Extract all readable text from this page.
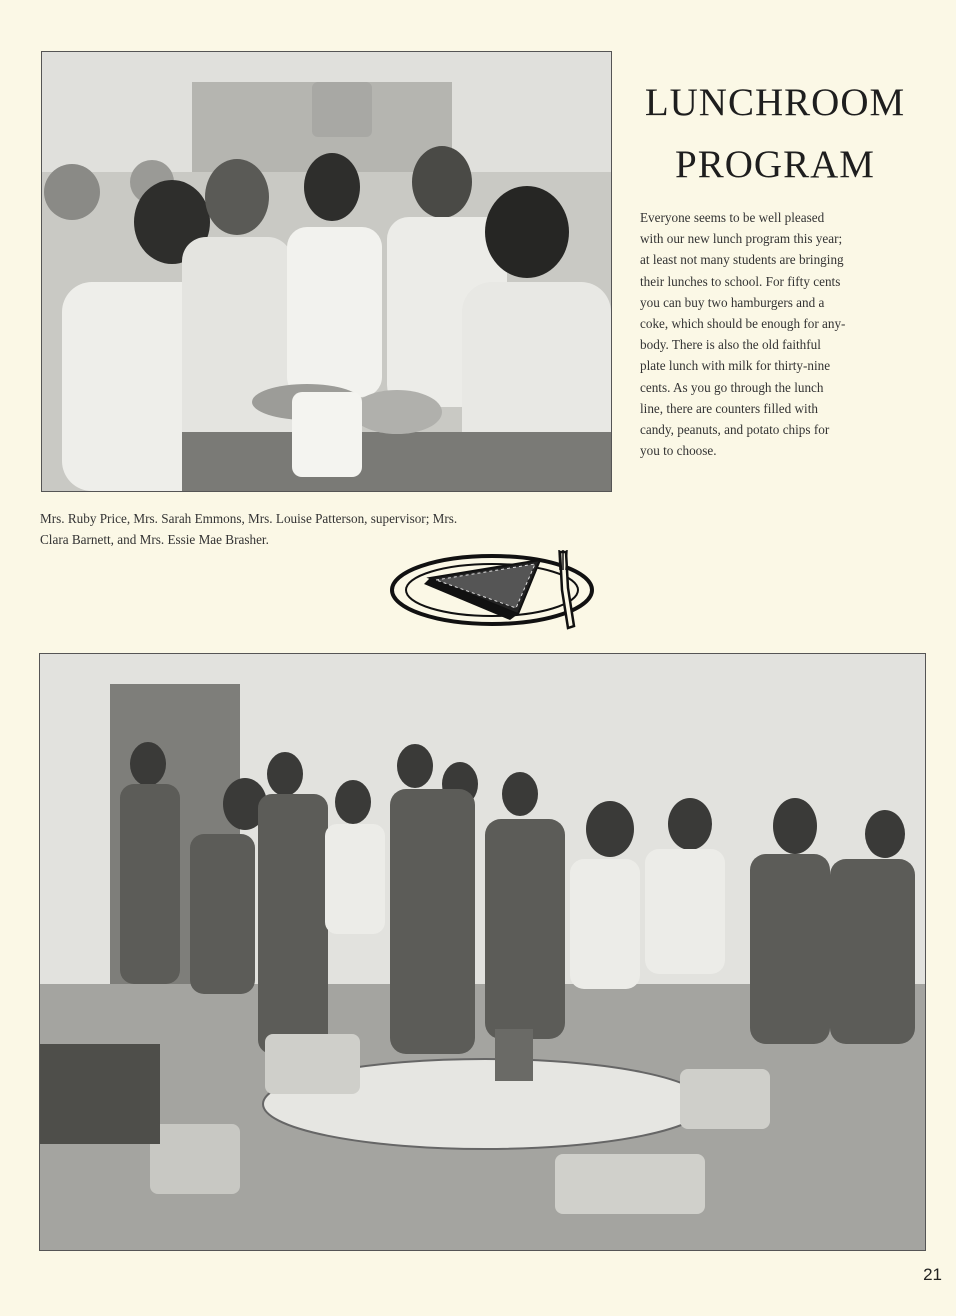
LUNCHROOM
PROGRAM

Everyone seems to be well pleased
with our new lunch program this year;
at least not many students are bringing
their lunches to school. For fifty cents
you can buy two hamburgers and a
coke, which should be enough for any-
body. There is also the old faithful
plate lunch with milk for thirty-nine
cents. As you go through the lunch
line, there are counters filled with
candy, peanuts, and potato chips for
you to choose.

Mrs. Ruby Price, Mrs. Sarah Emmons, Mrs. Louise Patterson, supervisor; Mrs.
Clara Barnett, and Mrs. Essie Mae Brasher.

21
